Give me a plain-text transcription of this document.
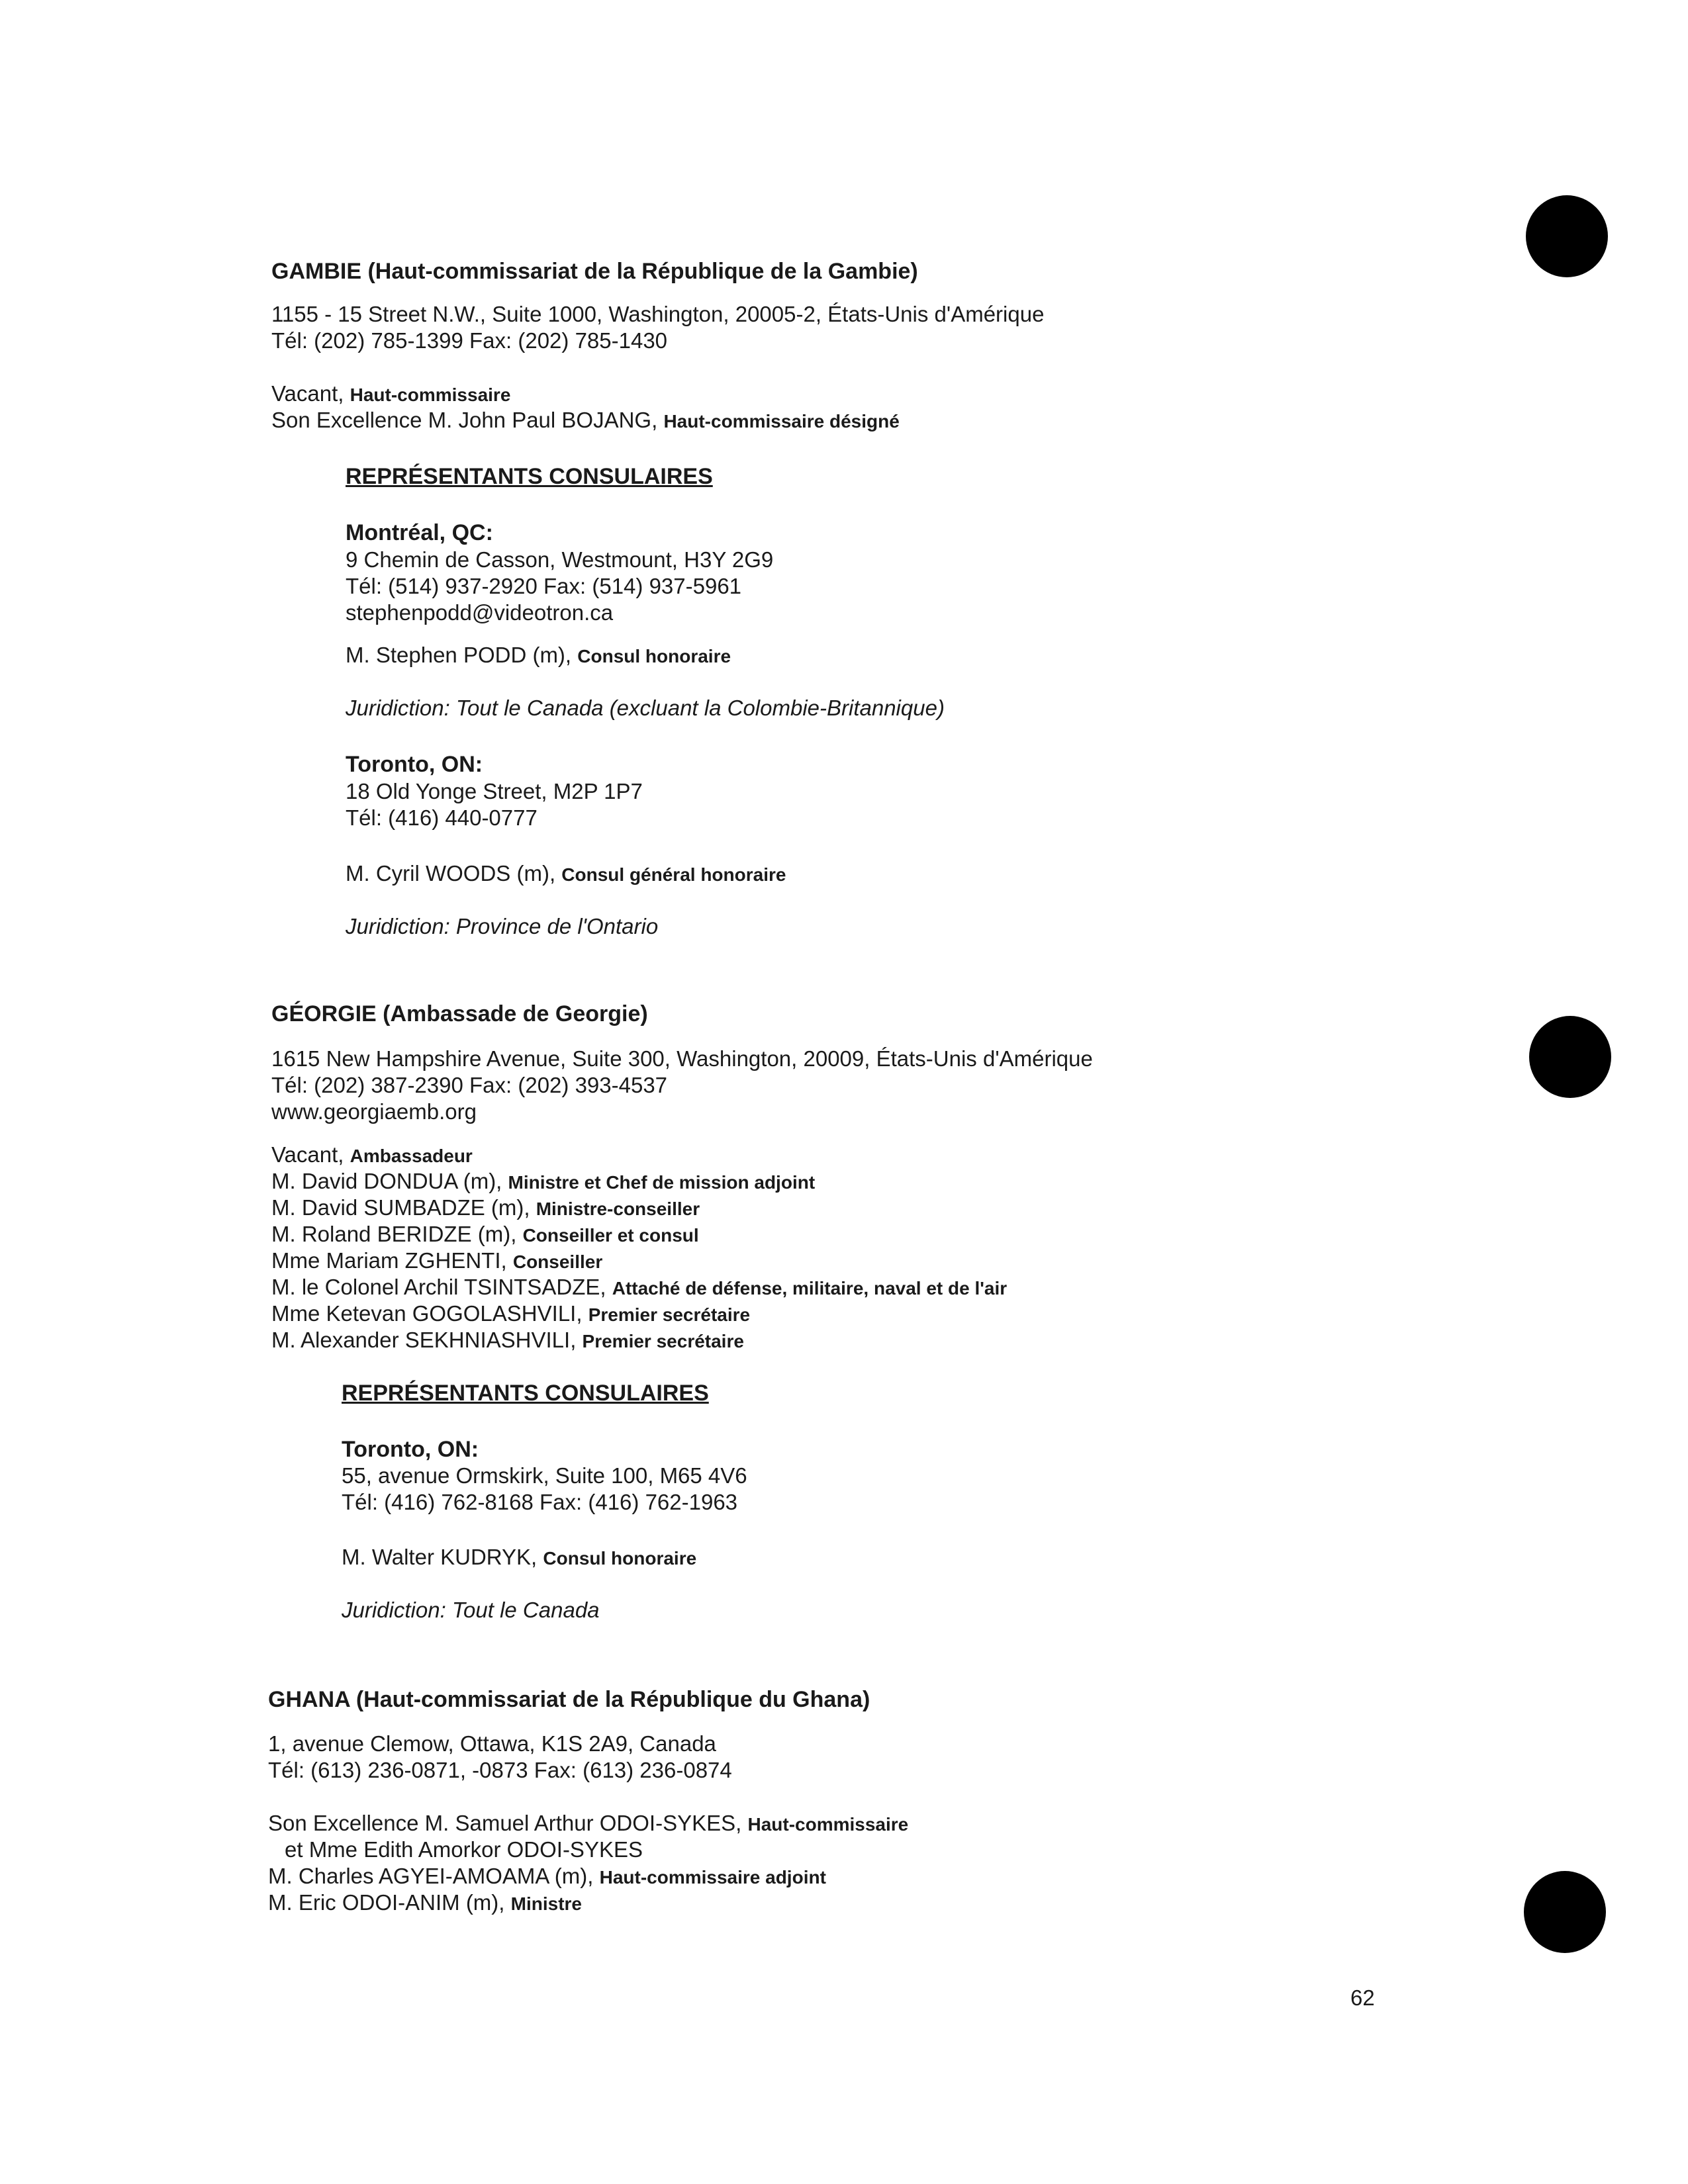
GAMBIE (Haut-commissariat de la République de la Gambie)
1155 - 15 Street N.W., Suite 1000, Washington, 20005-2, États-Unis d'Amérique
Tél: (202) 785-1399 Fax: (202) 785-1430
Vacant, Haut-commissaire
Son Excellence M. John Paul BOJANG, Haut-commissaire désigné
REPRÉSENTANTS CONSULAIRES
Montréal, QC:
9 Chemin de Casson, Westmount, H3Y 2G9
Tél: (514) 937-2920 Fax: (514) 937-5961
stephenpodd@videotron.ca
M. Stephen PODD (m), Consul honoraire
Juridiction: Tout le Canada (excluant la Colombie-Britannique)
Toronto, ON:
18 Old Yonge Street, M2P 1P7
Tél: (416) 440-0777
M. Cyril WOODS (m), Consul général honoraire
Juridiction: Province de l'Ontario
GÉORGIE (Ambassade de Georgie)
1615 New Hampshire Avenue, Suite 300, Washington, 20009, États-Unis d'Amérique
Tél: (202) 387-2390 Fax: (202) 393-4537
www.georgiaemb.org
Vacant, Ambassadeur
M. David DONDUA (m), Ministre et Chef de mission adjoint
M. David SUMBADZE (m), Ministre-conseiller
M. Roland BERIDZE (m), Conseiller et consul
Mme Mariam ZGHENTI, Conseiller
M. le Colonel Archil TSINTSADZE, Attaché de défense, militaire, naval et de l'air
Mme Ketevan GOGOLASHVILI, Premier secrétaire
M. Alexander SEKHNIASHVILI, Premier secrétaire
REPRÉSENTANTS CONSULAIRES
Toronto, ON:
55, avenue Ormskirk, Suite 100, M65 4V6
Tél: (416) 762-8168 Fax: (416) 762-1963
M. Walter KUDRYK, Consul honoraire
Juridiction: Tout le Canada
GHANA (Haut-commissariat de la République du Ghana)
1, avenue Clemow, Ottawa, K1S 2A9, Canada
Tél: (613) 236-0871, -0873 Fax: (613) 236-0874
Son Excellence M. Samuel Arthur ODOI-SYKES, Haut-commissaire
et Mme Edith Amorkor ODOI-SYKES
M. Charles AGYEI-AMOAMA (m), Haut-commissaire adjoint
M. Eric ODOI-ANIM (m), Ministre
62
